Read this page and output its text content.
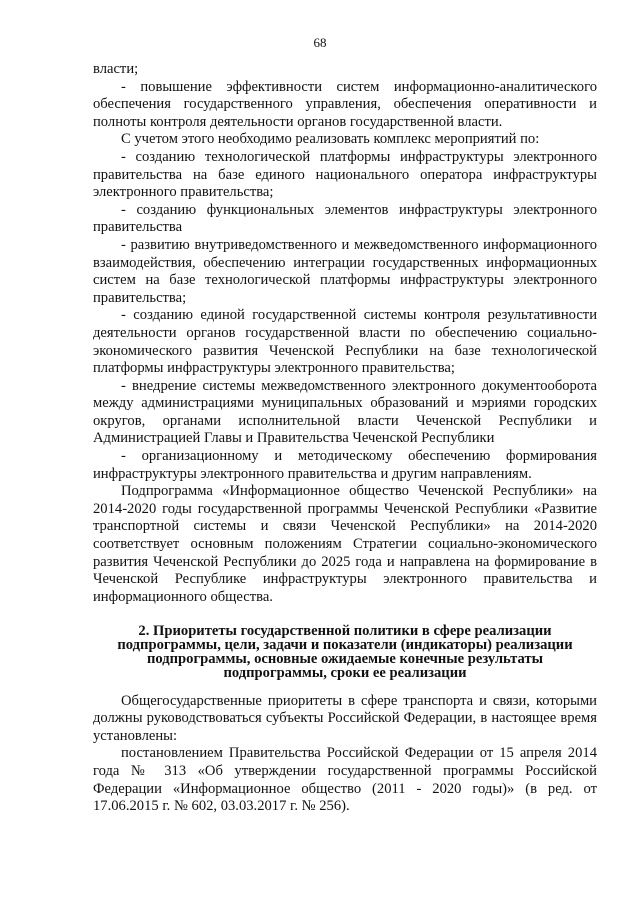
68

власти;

- повышение эффективности систем информационно-аналитического обеспечения государственного управления, обеспечения оперативности и полноты контроля деятельности органов государственной власти.

С учетом этого необходимо реализовать комплекс мероприятий по:

- созданию технологической платформы инфраструктуры электронного правительства на базе единого национального оператора инфраструктуры электронного правительства;

- созданию функциональных элементов инфраструктуры электронного правительства

- развитию внутриведомственного и межведомственного информационного взаимодействия, обеспечению интеграции государственных информационных систем на базе технологической платформы инфраструктуры электронного правительства;

- созданию единой государственной системы контроля результативности деятельности органов государственной власти по обеспечению социально-экономического развития Чеченской Республики на базе технологической платформы инфраструктуры электронного правительства;

- внедрение системы межведомственного электронного документооборота между администрациями муниципальных образований и мэриями городских округов, органами исполнительной власти Чеченской Республики и Администрацией Главы и Правительства Чеченской Республики

- организационному и методическому обеспечению формирования инфраструктуры электронного правительства и другим направлениям.

Подпрограмма «Информационное общество Чеченской Республики» на 2014-2020 годы государственной программы Чеченской Республики «Развитие транспортной системы и связи Чеченской Республики» на 2014-2020 соответствует основным положениям Стратегии социально-экономического развития Чеченской Республики до 2025 года и направлена на формирование в Чеченской Республике инфраструктуры электронного правительства и информационного общества.

2. Приоритеты государственной политики в сфере реализации подпрограммы, цели, задачи и показатели (индикаторы) реализации подпрограммы, основные ожидаемые конечные результаты подпрограммы, сроки ее реализации

Общегосударственные приоритеты в сфере транспорта и связи, которыми должны руководствоваться субъекты Российской Федерации, в настоящее время установлены:

постановлением Правительства Российской Федерации от 15 апреля 2014 года № 313 «Об утверждении государственной программы Российской Федерации «Информационное общество (2011 - 2020 годы)» (в ред. от 17.06.2015 г. № 602, 03.03.2017 г. № 256).
